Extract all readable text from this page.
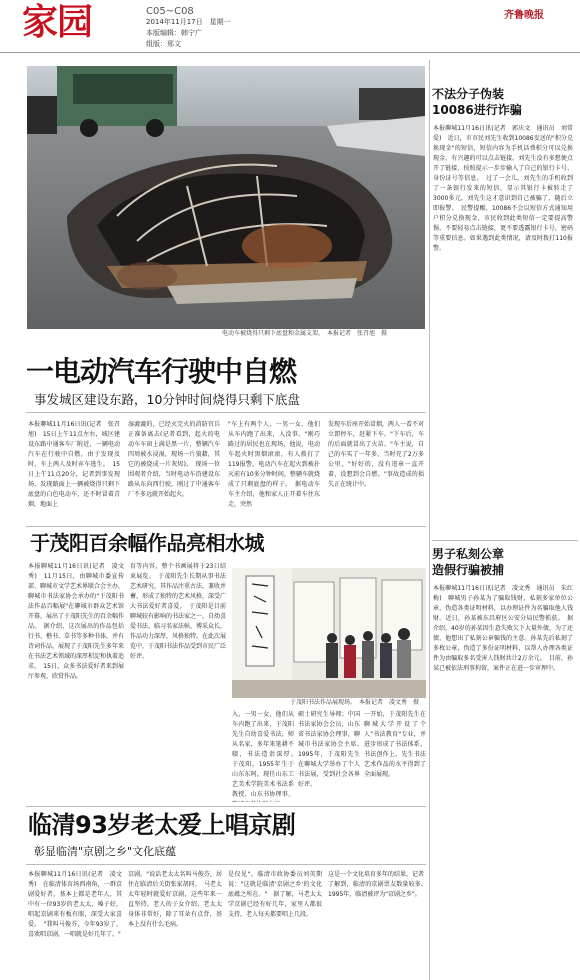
家园	C05~C08
2014年11月17日　星期一
本版编辑：韩宁广
组版：邢文
齐鲁晚报
电动车被烧得只剩下底盘和金属支架。　本报记者　张召旭　摄
一电动汽车行驶中自燃
事发城区建设东路，10分钟时间烧得只剩下底盘
本报聊城11月16日讯(记者　张召旭)　15日上午11点左右，城区建设东路中通客车厂附近，一辆电动汽车在行驶中自燃，由于发现及时，车上两人及时弃车逃生。　15日上午11点20分，记者到事发现场，发现路面上一辆被烧得只剩下底盘的白色电动车，还不时冒着青烟，地面上
湿漉漉的，已经灭完火的消防官兵正准备离去(记者看到，起火的电动车车窗上满是黑一片，整辆汽车四周被水浸湿，现场一片狼藉，其它的被烧成一片灰烬)。　现场一位围观者介绍，当时电动车沿建设东路从东向西行驶，刚过了中通客车厂不多远就开始起火。
"车上有两个人，一男一女，他们从车内跑了出来，入没事。"刚巧路过的居民也在现场，他说，电动车起火时黑烟滚滚，有人拨打了119报警，电动汽车在起火到被扑灭前有10多分钟时间。整辆车就烧成了只剩底盘的样子。　据电动车车主介绍，他和家人正开着车往东走，突然
发现车后座开始冒烟，两人一看不对立即停车，赶紧下车。"下车后，车的后面就冒出了火苗。"车主说，自己的车买了一年多，当时充了2万多公里，"好好的，没有违章一直开着，没想到会自燃。"事故造成的损失正在统计中。
于茂阳百余幅作品亮相水城
本报聊城11月16日讯(记者　凌文秀)　11月15日，由聊城市委宣传部、聊城市文学艺术界联合会主办，聊城市书法家协会承办的"于茂阳书法作品百幅展"在聊城市群众艺术馆开幕，展出了于茂阳先生的百余幅作品。　据介绍，这次展出的作品包括行书、楷书、草书等多种书体，并有诗词作品，展现了于茂阳先生多年来在书法艺术领域的深厚积淀和执着追求。　15日，众多书法爱好者来到展厅参观，欣赏作品。
育等内容，整个书画展将于23日结束展览。　于茂阳先生长期从事书法艺术研究，其作品注重古法，兼收并蓄，形成了独特的艺术风格，深受广大书法爱好者喜爱。　于茂阳是目前聊城较有影响的书法家之一，自幼喜爱书法，临习名家法帖，博采众长，作品功力深厚，风格独特。在此次展览中，于茂阳书法作品受到市民广泛好评。
于茂阳书法作品展现场。　本报记者　凌文秀　摄
入，一男一女，他们从车内跑了出来，于茂阳先生自幼喜爱书法，师从名家，多年来笔耕不辍，书法造诣深厚。　于茂阳，1955年生于山东东阿，现任山东工艺美术学院美术书法系教授、山东书协理事、
硕士研究生导师；中国书法家协会会员，山东省书法家协会理事，聊城市书法家协会主席。　1995年，于茂阳先生在聊城大学举办了个人书法展，受到社会各界好评。
一开始，于茂阳先生在聊城大学开设了个人"书法教育"专业，并进步形成了书法体系。书法创作上，先生书法艺术作品的水平得到了全面展现。
临清93岁老太爱上唱京剧
彰显临清"京剧之乡"文化底蕴
本报聊城11月16日讯(记者　凌文秀)　在临清体育场西南角，一群京剧爱好者，基本上都是老年人，其中有一位93岁的老太太，嗓子好，唱起京剧来有板有眼，深受大家喜爱。　"我叫马俊芬，今年93岁了，喜欢唱京剧，一唱就是好几年了。"
京剧。"说话老太太名叫马俊芬，居住在临清后关街张家胡同。　马老太太年轻时就爱好京剧，这些年来一直坚持。老人的子女介绍，老太太身体非常好，除了耳朵有点背，基本上没有什么毛病。
是仅见"。临清市政协委员刘英期说："这就是临清'京剧之乡'的文化底蕴之所在。"　据了解，马老太太学京剧已经有好几年，家里人都很支持，老人每天都要唱上几段。
这是一个文化培育多年的结果，记者了解到，临清的京剧票友数量较多。　1995年，临清被评为"京剧之乡"。
不法分子伪装
10086进行诈骗
本报聊城11月16日讯(记者　郭庆文　通讯员　刘常爱)　近日，市市民刘先生收到10086发送的"积分兑换现金"的短信，短信内容为手机话费积分可以兑换现金，有兴趣的可以点击链接。刘先生没有多想便点开了链接，按照提示一步步输入了自己的银行卡号、身份证号等信息。　过了一会儿，刘先生的手机收到了一条银行发来的短信，显示其银行卡被转走了3000多元，刘先生这才意识到自己被骗了，随后立即报警。　民警提醒，10086不会以短信方式通知用户积分兑换现金，市民收到此类短信一定要提高警惕，不要轻易点击链接，更不要透露银行卡号、密码等重要信息。如果遇到此类情况，请及时拨打110报警。
男子私刻公章
造假行骗被捕
本报聊城11月16日讯(记者　凌文秀　通讯员　朱红梅)　聊城男子孙某为了骗取钱财，私刻多家单位公章，伪造各类证明材料，以办理证件为名骗取他人钱财。近日，孙某被东昌府区公安分局民警抓获。　据介绍，40岁的孙某因生意失败欠下大量外债，为了还债，他想出了私刻公章骗钱的主意。孙某先后私刻了多枚公章，伪造了多份证明材料，以帮人办理各类证件为由骗取多名受害人钱财共计2万余元。　目前，孙某已被依法刑事拘留，案件正在进一步审理中。
